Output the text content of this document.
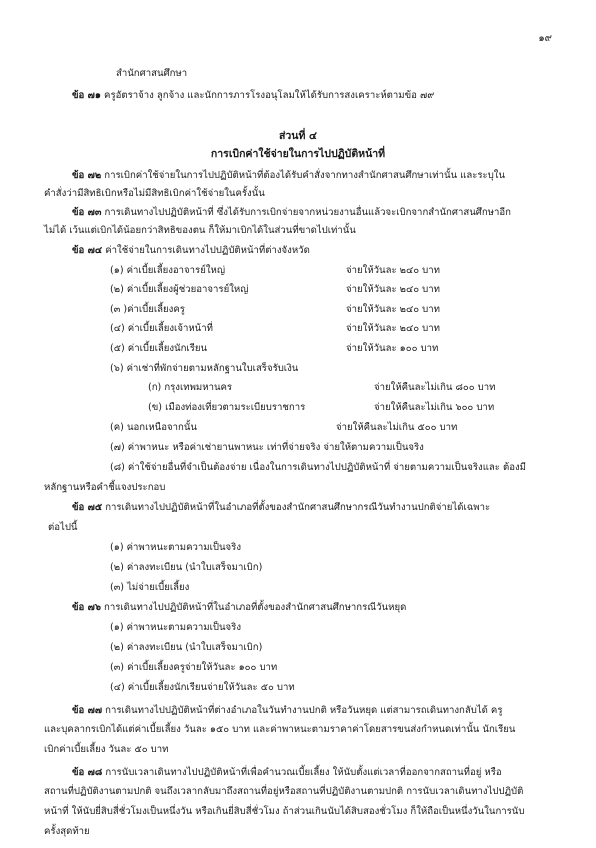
๑๙
สำนักศาสนศึกษา
ข้อ ๗๑ ครูอัตราจ้าง ลูกจ้าง และนักการภารโรงอนุโลมให้ได้รับการสงเคราะห์ตามข้อ ๗๙
ส่วนที่ ๔
การเบิกค่าใช้จ่ายในการไปปฏิบัติหน้าที่
ข้อ ๗๒ การเบิกค่าใช้จ่ายในการไปปฏิบัติหน้าที่ต้องได้รับคำสั่งจากทางสำนักศาสนศึกษาเท่านั้น และระบุใน
คำสั่งว่ามีสิทธิเบิกหรือไม่มีสิทธิเบิกค่าใช้จ่ายในครั้งนั้น
ข้อ ๗๓ การเดินทางไปปฏิบัติหน้าที่ ซึ่งได้รับการเบิกจ่ายจากหน่วยงานอื่นแล้วจะเบิกจากสำนักศาสนศึกษาอีก
ไม่ได้ เว้นแต่เบิกได้น้อยกว่าสิทธิของตน ก็ให้มาเบิกได้ในส่วนที่ขาดไปเท่านั้น
ข้อ ๗๔ ค่าใช้จ่ายในการเดินทางไปปฏิบัติหน้าที่ต่างจังหวัด
(๑) ค่าเบี้ยเลี้ยงอาจารย์ใหญ่	จ่ายให้วันละ ๒๔๐ บาท
(๒) ค่าเบี้ยเลี้ยงผู้ช่วยอาจารย์ใหญ่	จ่ายให้วันละ ๒๔๐ บาท
(๓ )ค่าเบี้ยเลี้ยงครู	จ่ายให้วันละ ๒๔๐ บาท
(๔) ค่าเบี้ยเลี้ยงเจ้าหน้าที่	จ่ายให้วันละ ๒๔๐ บาท
(๕) ค่าเบี้ยเลี้ยงนักเรียน	จ่ายให้วันละ ๑๐๐ บาท
(๖) ค่าเช่าที่พักจ่ายตามหลักฐานใบเสร็จรับเงิน
(ก) กรุงเทพมหานคร	จ่ายให้คืนละไม่เกิน ๘๐๐ บาท
(ข) เมืองท่องเที่ยวตามระเบียบราชการ	จ่ายให้คืนละไม่เกิน ๖๐๐ บาท
(ค) นอกเหนือจากนั้น	จ่ายให้คืนละไม่เกิน ๕๐๐ บาท
(๗) ค่าพาหนะ หรือค่าเช่ายานพาหนะ เท่าที่จ่ายจริง จ่ายให้ตามความเป็นจริง
(๘) ค่าใช้จ่ายอื่นที่จำเป็นต้องจ่าย เนื่องในการเดินทางไปปฏิบัติหน้าที่ จ่ายตามความเป็นจริงและ ต้องมี
หลักฐานหรือคำชี้แจงประกอบ
ข้อ ๗๕ การเดินทางไปปฏิบัติหน้าที่ในอำเภอที่ตั้งของสำนักศาสนศึกษากรณีวันทำงานปกติจ่ายได้เฉพาะ
ต่อไปนี้
(๑) ค่าพาหนะตามความเป็นจริง
(๒) ค่าลงทะเบียน (นำใบเสร็จมาเบิก)
(๓) ไม่จ่ายเบี้ยเลี้ยง
ข้อ ๗๖ การเดินทางไปปฏิบัติหน้าที่ในอำเภอที่ตั้งของสำนักศาสนศึกษากรณีวันหยุด
(๑) ค่าพาหนะตามความเป็นจริง
(๒) ค่าลงทะเบียน (นำใบเสร็จมาเบิก)
(๓) ค่าเบี้ยเลี้ยงครูจ่ายให้วันละ ๑๐๐ บาท
(๔) ค่าเบี้ยเลี้ยงนักเรียนจ่ายให้วันละ ๕๐ บาท
ข้อ ๗๗ การเดินทางไปปฏิบัติหน้าที่ต่างอำเภอในวันทำงานปกติ หรือวันหยุด แต่สามารถเดินทางกลับได้ ครู
และบุคลากรเบิกได้แต่ค่าเบี้ยเลี้ยง วันละ ๑๕๐ บาท และค่าพาหนะตามราคาค่าโดยสารขนส่งกำหนดเท่านั้น นักเรียน
เบิกค่าเบี้ยเลี้ยง วันละ ๕๐ บาท
ข้อ ๗๘ การนับเวลาเดินทางไปปฏิบัติหน้าที่เพื่อคำนวณเบี้ยเลี้ยง ให้นับตั้งแต่เวลาที่ออกจากสถานที่อยู่ หรือ
สถานที่ปฏิบัติงานตามปกติ จนถึงเวลากลับมาถึงสถานที่อยู่หรือสถานที่ปฏิบัติงานตามปกติ การนับเวลาเดินทางไปปฏิบัติ
หน้าที่ ให้นับยี่สิบสี่ชั่วโมงเป็นหนึ่งวัน หรือเกินยี่สิบสี่ชั่วโมง ถ้าส่วนเกินนับได้สิบสองชั่วโมง ก็ให้ถือเป็นหนึ่งวันในการนับ
ครั้งสุดท้าย
